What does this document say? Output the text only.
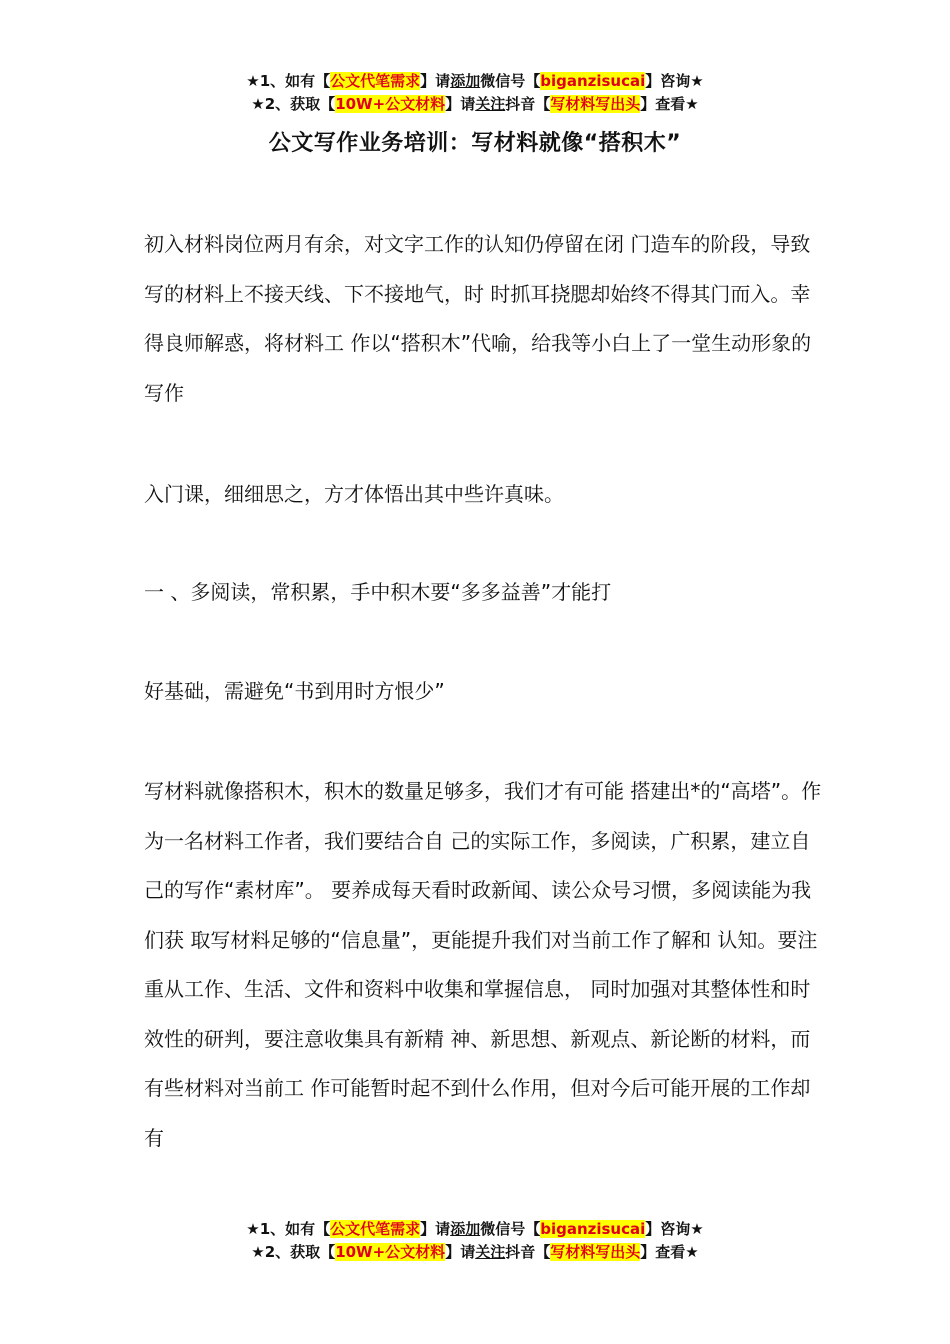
★1、如有【公文代笔需求】请添加微信号【biganzisucai】咨询★
★2、获取【10W+公文材料】请关注抖音【写材料写出头】查看★
公文写作业务培训：写材料就像“搭积木”

初入材料岗位两月有余，对文字工作的认知仍停留在闭 门造车的阶段，导致写的材料上不接天线、下不接地气，时 时抓耳挠腮却始终不得其门而入。幸得良师解惑，将材料工 作以“搭积木”代喻，给我等小白上了一堂生动形象的写作

入门课，细细思之，方才体悟出其中些许真味。

一 、多阅读，常积累，手中积木要“多多益善”才能打

好基础，需避免“书到用时方恨少”

写材料就像搭积木，积木的数量足够多，我们才有可能 搭建出*的“高塔”。作为一名材料工作者，我们要结合自 己的实际工作，多阅读，广积累，建立自己的写作“素材库”。 要养成每天看时政新闻、读公众号习惯，多阅读能为我们获 取写材料足够的“信息量”，更能提升我们对当前工作了解和 认知。要注重从工作、生活、文件和资料中收集和掌握信息， 同时加强对其整体性和时效性的研判，要注意收集具有新精 神、新思想、新观点、新论断的材料，而有些材料对当前工 作可能暂时起不到什么作用，但对今后可能开展的工作却有

★1、如有【公文代笔需求】请添加微信号【biganzisucai】咨询★
★2、获取【10W+公文材料】请关注抖音【写材料写出头】查看★
